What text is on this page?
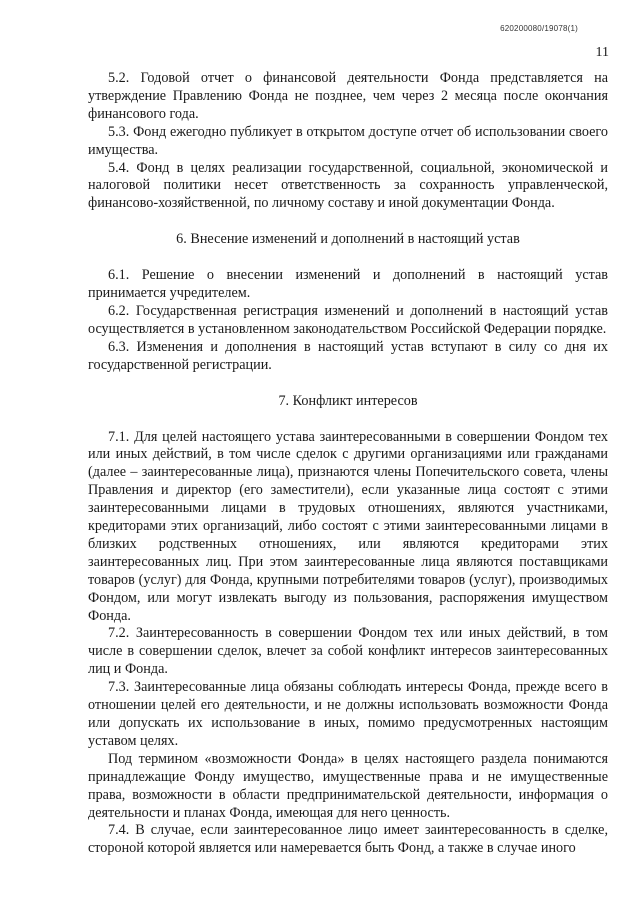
620200080/19078(1)
11

5.2. Годовой отчет о финансовой деятельности Фонда представляется на утверждение Правлению Фонда не позднее, чем через 2 месяца после окончания финансового года.

5.3. Фонд ежегодно публикует в открытом доступе отчет об использовании своего имущества.

5.4. Фонд в целях реализации государственной, социальной, экономической и налоговой политики несет ответственность за сохранность управленческой, финансово-хозяйственной, по личному составу и иной документации Фонда.

6. Внесение изменений и дополнений в настоящий устав

6.1. Решение о внесении изменений и дополнений в настоящий устав принимается учредителем.

6.2. Государственная регистрация изменений и дополнений в настоящий устав осуществляется в установленном законодательством Российской Федерации порядке.

6.3. Изменения и дополнения в настоящий устав вступают в силу со дня их государственной регистрации.

7. Конфликт интересов

7.1. Для целей настоящего устава заинтересованными в совершении Фондом тех или иных действий, в том числе сделок с другими организациями или гражданами (далее – заинтересованные лица), признаются члены Попечительского совета, члены Правления и директор (его заместители), если указанные лица состоят с этими заинтересованными лицами в трудовых отношениях, являются участниками, кредиторами этих организаций, либо состоят с этими заинтересованными лицами в близких родственных отношениях, или являются кредиторами этих заинтересованных лиц. При этом заинтересованные лица являются поставщиками товаров (услуг) для Фонда, крупными потребителями товаров (услуг), производимых Фондом, или могут извлекать выгоду из пользования, распоряжения имуществом Фонда.

7.2. Заинтересованность в совершении Фондом тех или иных действий, в том числе в совершении сделок, влечет за собой конфликт интересов заинтересованных лиц и Фонда.

7.3. Заинтересованные лица обязаны соблюдать интересы Фонда, прежде всего в отношении целей его деятельности, и не должны использовать возможности Фонда или допускать их использование в иных, помимо предусмотренных настоящим уставом целях.

Под термином «возможности Фонда» в целях настоящего раздела понимаются принадлежащие Фонду имущество, имущественные права и не имущественные права, возможности в области предпринимательской деятельности, информация о деятельности и планах Фонда, имеющая для него ценность.

7.4. В случае, если заинтересованное лицо имеет заинтересованность в сделке, стороной которой является или намеревается быть Фонд, а также в случае иного
